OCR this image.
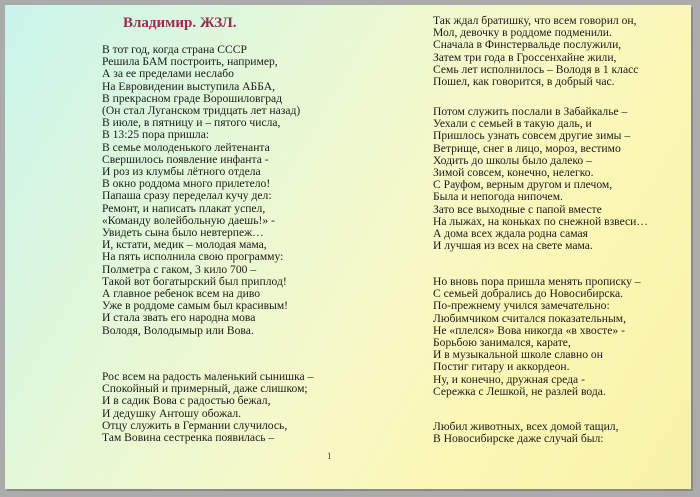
Владимир. ЖЗЛ.
В тот год, когда страна СССР
Решила БАМ построить, например,
А за ее пределами неслабо
На Евровидении выступила АББА,
В прекрасном граде Ворошиловград
(Он стал Луганском тридцать лет назад)
В июле, в пятницу и – пятого числа,
В 13:25 пора пришла:
В семье молоденького лейтенанта
Свершилось появление инфанта -
И роз из клумбы лётного отдела
В окно роддома много прилетело!
Папаша сразу переделал кучу дел:
Ремонт, и написать плакат успел,
«Команду волейбольную даешь!» -
Увидеть сына было невтерпеж…
И, кстати, медик – молодая мама,
На пять исполнила свою программу:
Полметра с гаком, 3 кило 700 –
Такой вот богатырский был приплод!
А главное ребенок всем на диво
Уже в роддоме самым был красивым!
И стала звать его народна мова
Володя, Володымыр или Вова.
Рос всем на радость маленький сынишка –
Спокойный и примерный, даже слишком;
И в садик Вова с радостью бежал,
И дедушку Антошу обожал.
Отцу служить в Германии случилось,
Там Вовина сестренка появилась –
Так ждал братишку, что всем говорил он,
Мол, девочку в роддоме подменили.
Сначала в Финстервальде послужили,
Затем три года в Гроссенхайне жили,
Семь лет исполнилось – Володя в 1 класс
Пошел, как говорится, в добрый час.
Потом служить послали в Забайкалье –
Уехали с семьей в такую даль, и
Пришлось узнать совсем другие зимы –
Ветрище, снег в лицо, мороз, вестимо
Ходить до школы было далеко –
Зимой совсем, конечно, нелегко.
С Рауфом, верным другом и плечом,
Была и непогода нипочем.
Зато все выходные с папой вместе
На лыжах, на коньках по снежной взвеси…
А дома всех ждала родна самая
И лучшая из всех на свете мама.
Но вновь пора пришла менять прописку –
С семьей добрались до Новосибирска.
По-прежнему учился замечательно:
Любимчиком считался показательным,
Не «плелся» Вова никогда «в хвосте» -
Борьбою занимался, карате,
И в музыкальной школе славно он
Постиг гитару и аккордеон.
Ну, и конечно, дружная среда -
Сережка с Лешкой, не разлей вода.
Любил животных, всех домой тащил,
В Новосибирске даже случай был:
1
